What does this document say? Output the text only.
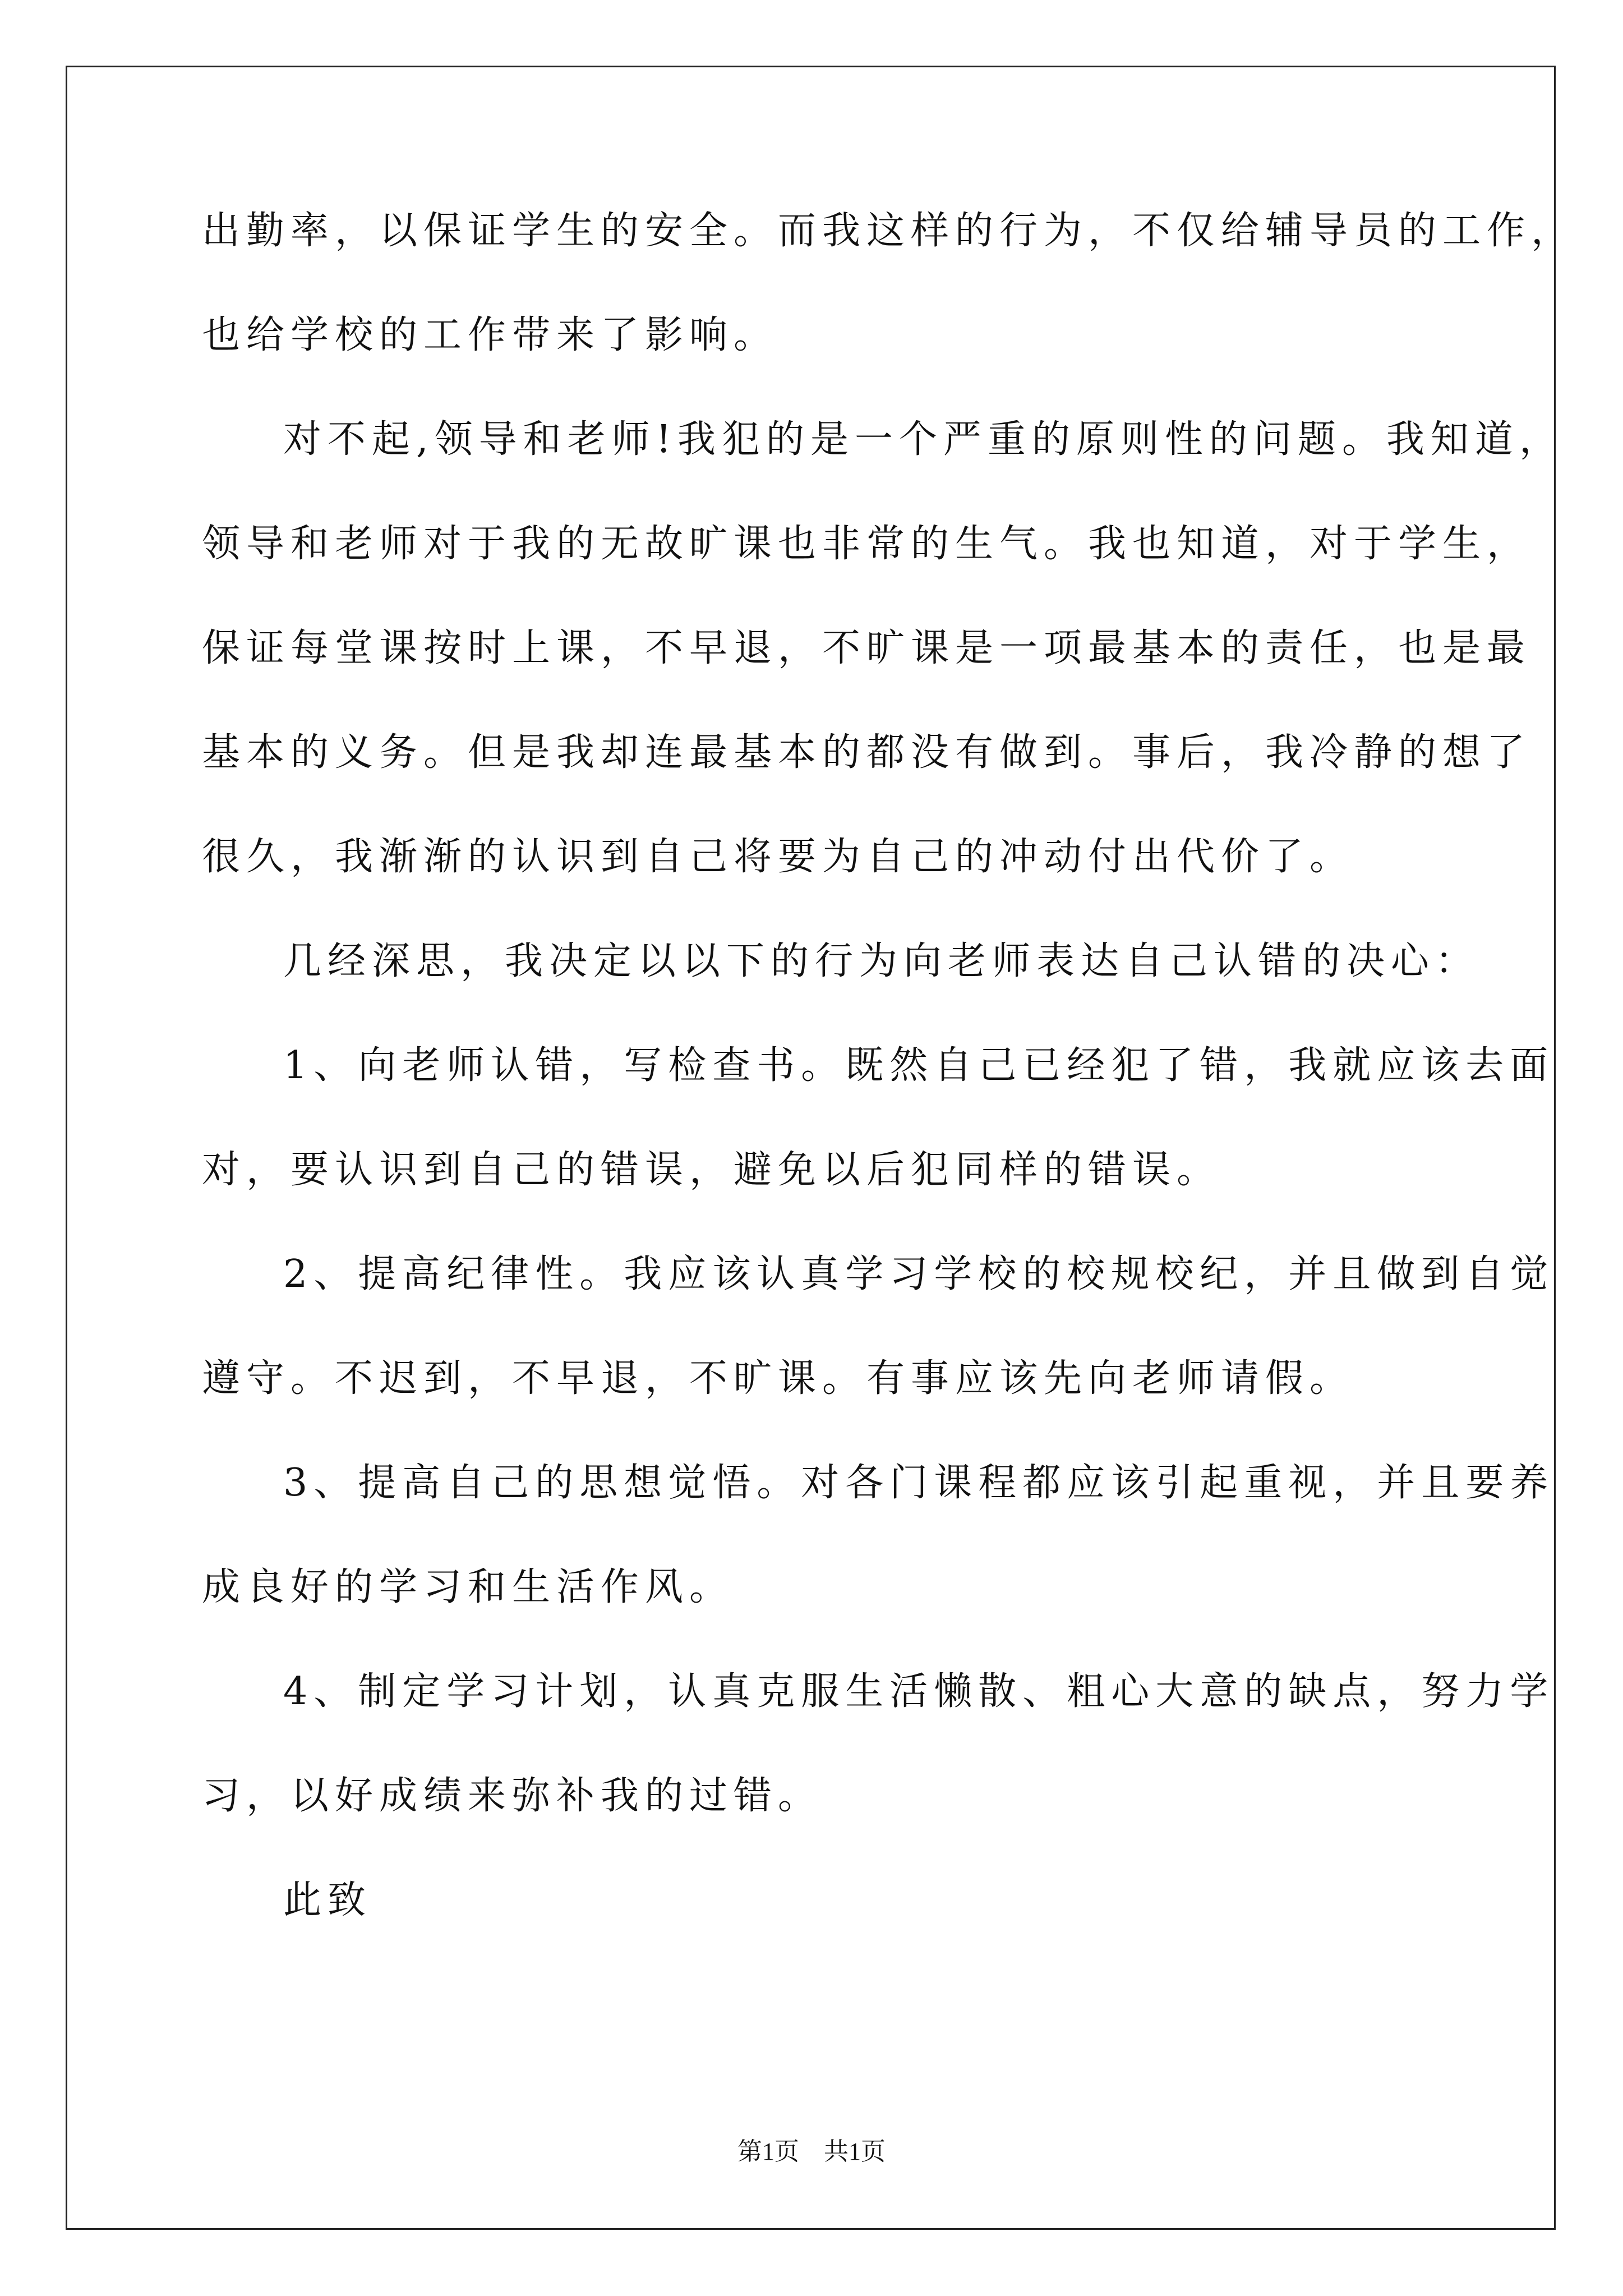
出勤率，以保证学生的安全。而我这样的行为，不仅给辅导员的工作，
也给学校的工作带来了影响。
对不起,领导和老师!我犯的是一个严重的原则性的问题。我知道，
领导和老师对于我的无故旷课也非常的生气。我也知道，对于学生，
保证每堂课按时上课，不早退，不旷课是一项最基本的责任，也是最
基本的义务。但是我却连最基本的都没有做到。事后，我冷静的想了
很久，我渐渐的认识到自己将要为自己的冲动付出代价了。
几经深思，我决定以以下的行为向老师表达自己认错的决心：
1、向老师认错，写检查书。既然自己已经犯了错，我就应该去面
对，要认识到自己的错误，避免以后犯同样的错误。
2、提高纪律性。我应该认真学习学校的校规校纪，并且做到自觉
遵守。不迟到，不早退，不旷课。有事应该先向老师请假。
3、提高自己的思想觉悟。对各门课程都应该引起重视，并且要养
成良好的学习和生活作风。
4、制定学习计划，认真克服生活懒散、粗心大意的缺点，努力学
习，以好成绩来弥补我的过错。
此致
第1页　共1页
